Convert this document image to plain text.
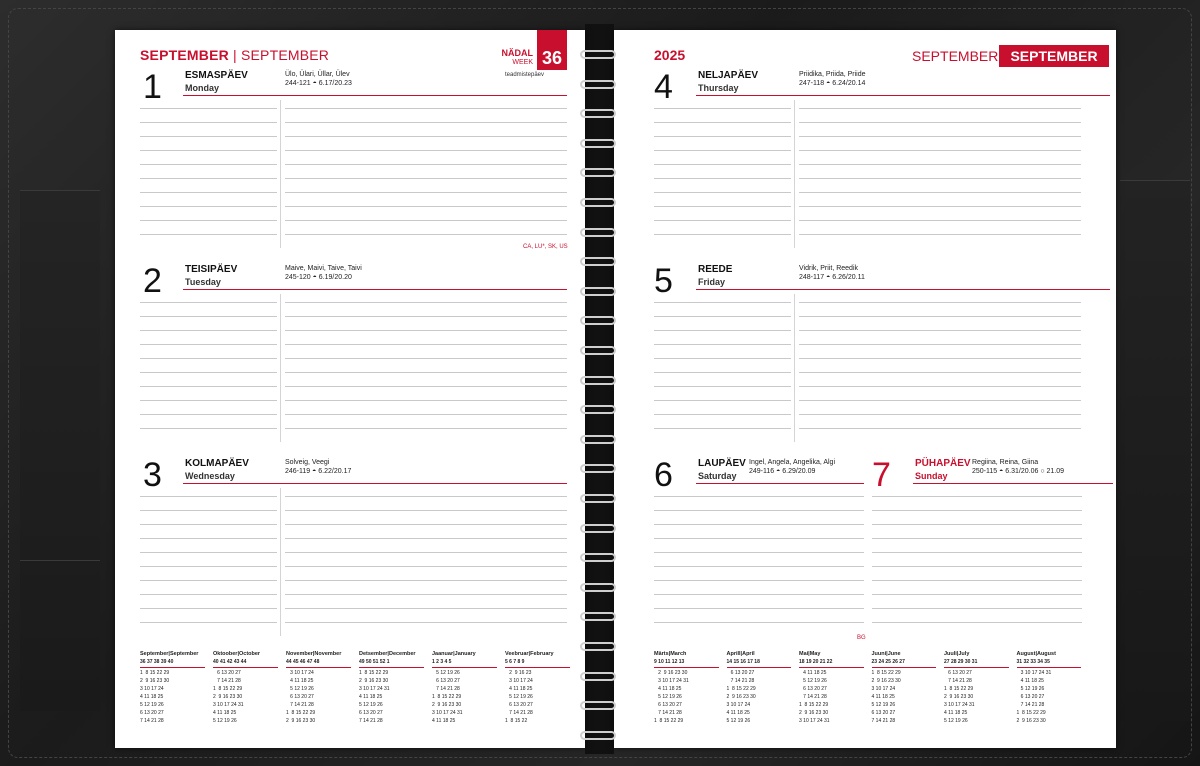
SEPTEMBER | SEPTEMBER	NÄDAL
WEEK 36
1 ESMASPÄEV
Monday
Ülo, Ülari, Üllar, Ülev
244-121 ◓ 6.17/20.23
teadmistepäev
CA, LU*, SK, US
2 TEISIPÄEV
Tuesday
Maive, Maivi, Taive, Taivi
245-120 ◓ 6.19/20.20
3 KOLMAPÄEV
Wednesday
Solveig, Veegi
246-119 ◓ 6.22/20.17
September|September
36 37 38 39 40
1  8 15 22 29
2  9 16 23 30
3 10 17 24
4 11 18 25
5 12 19 26
6 13 20 27
7 14 21 28
Oktoober|October
40 41 42 43 44
6 13 20 27
7 14 21 28
1  8 15 22 29
2  9 16 23 30
3 10 17 24 31
4 11 18 25
5 12 19 26
November|November
44 45 46 47 48
3 10 17 24
4 11 18 25
5 12 19 26
6 13 20 27
7 14 21 28
1  8 15 22 29
2  9 16 23 30
Detsember|December
49 50 51 52 1
1  8 15 22 29
2  9 16 23 30
3 10 17 24 31
4 11 18 25
5 12 19 26
6 13 20 27
7 14 21 28
Jaanuar|January
1 2 3 4 5
5 12 19 26
6 13 20 27
7 14 21 28
1  8 15 22 29
2  9 16 23 30
3 10 17 24 31
4 11 18 25
Veebruar|February
5 6 7 8 9
2  9 16 23
3 10 17 24
4 11 18 25
5 12 19 26
6 13 20 27
7 14 21 28
1  8 15 22
2025	SEPTEMBER SEPTEMBER
4	NELJAPÄEV
Thursday
Priidika, Priida, Priide
247-118 ◓ 6.24/20.14
5	REEDE
Friday
Vidrik, Priit, Reedik
248-117 ◓ 6.26/20.11
6	LAUPÄEV
Saturday
Ingel, Angela, Angelika, Algi
249-116 ◓ 6.29/20.09
BG
7 PÜHAPÄEV
Sunday
Regiina, Reina, Giina
250-115 ◓ 6.31/20.06 ○ 21.09
Märts|March
9 10 11 12 13
2  9 16 23 30
3 10 17 24 31
4 11 18 25
5 12 19 26
6 13 20 27
7 14 21 28
1  8 15 22 29
Aprill|April
14 15 16 17 18
6 13 20 27
7 14 21 28
1  8 15 22 29
2  9 16 23 30
3 10 17 24
4 11 18 25
5 12 19 26
Mai|May
18 19 20 21 22
4 11 18 25
5 12 19 26
6 13 20 27
7 14 21 28
1  8 15 22 29
2  9 16 23 30
3 10 17 24 31
Juuni|June
23 24 25 26 27
1  8 15 22 29
2  9 16 23 30
3 10 17 24
4 11 18 25
5 12 19 26
6 13 20 27
7 14 21 28
Juuli|July
27 28 29 30 31
6 13 20 27
7 14 21 28
1  8 15 22 29
2  9 16 23 30
3 10 17 24 31
4 11 18 25
5 12 19 26
August|August
31 32 33 34 35
3 10 17 24 31
4 11 18 25
5 12 19 26
6 13 20 27
7 14 21 28
1  8 15 22 29
2  9 16 23 30
